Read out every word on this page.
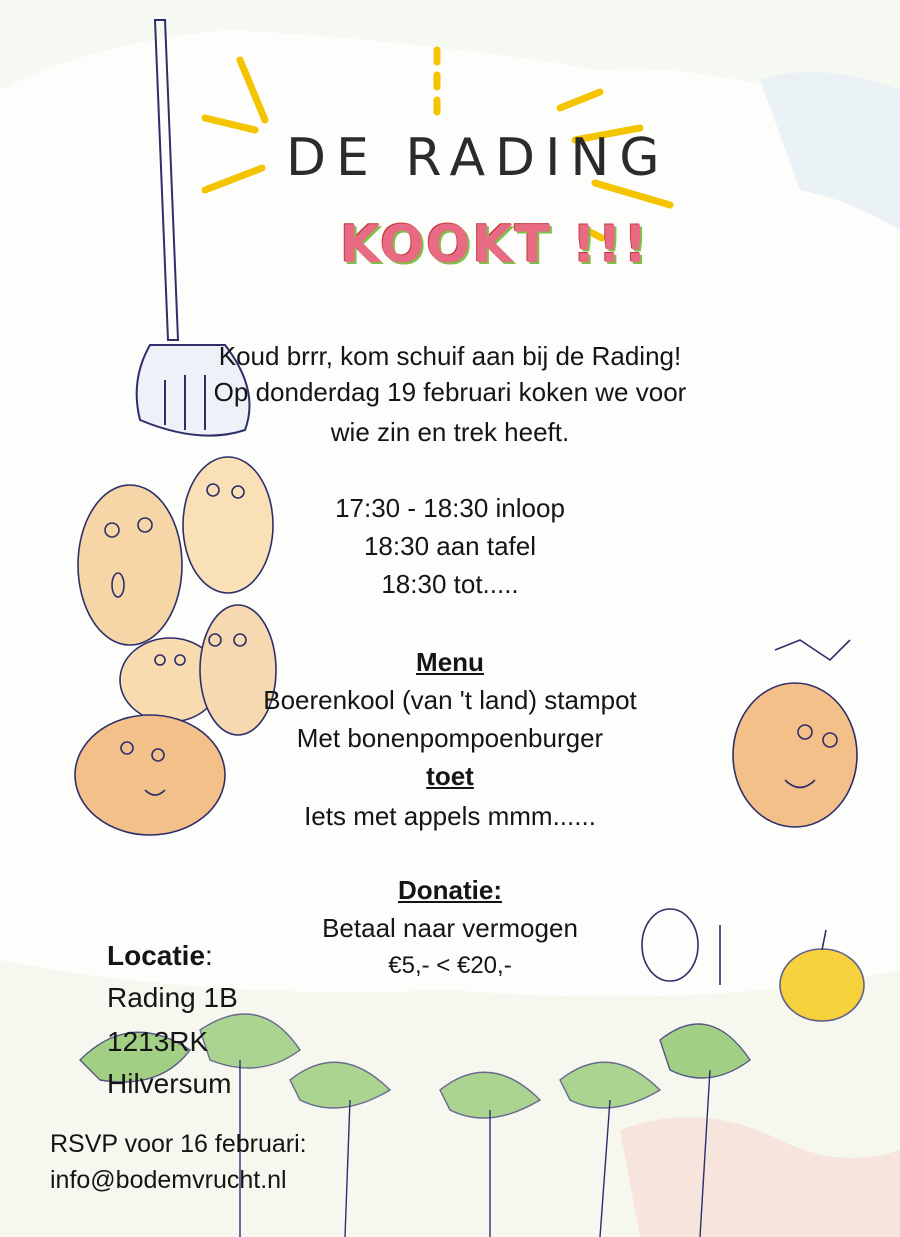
DE RADING
KOOKT !!!
Koud brrr, kom schuif aan bij de Rading!
Op donderdag 19 februari koken we voor
wie zin en trek heeft.
17:30 - 18:30 inloop
18:30 aan tafel
18:30 tot.....
Menu
Boerenkool (van 't land) stampot
Met bonenpompoenburger
toet
Iets met appels mmm......
Donatie:
Betaal naar vermogen
€5,- < €20,-
Locatie:
Rading 1B
1213RK
Hilversum
RSVP voor 16 februari:
info@bodemvrucht.nl
